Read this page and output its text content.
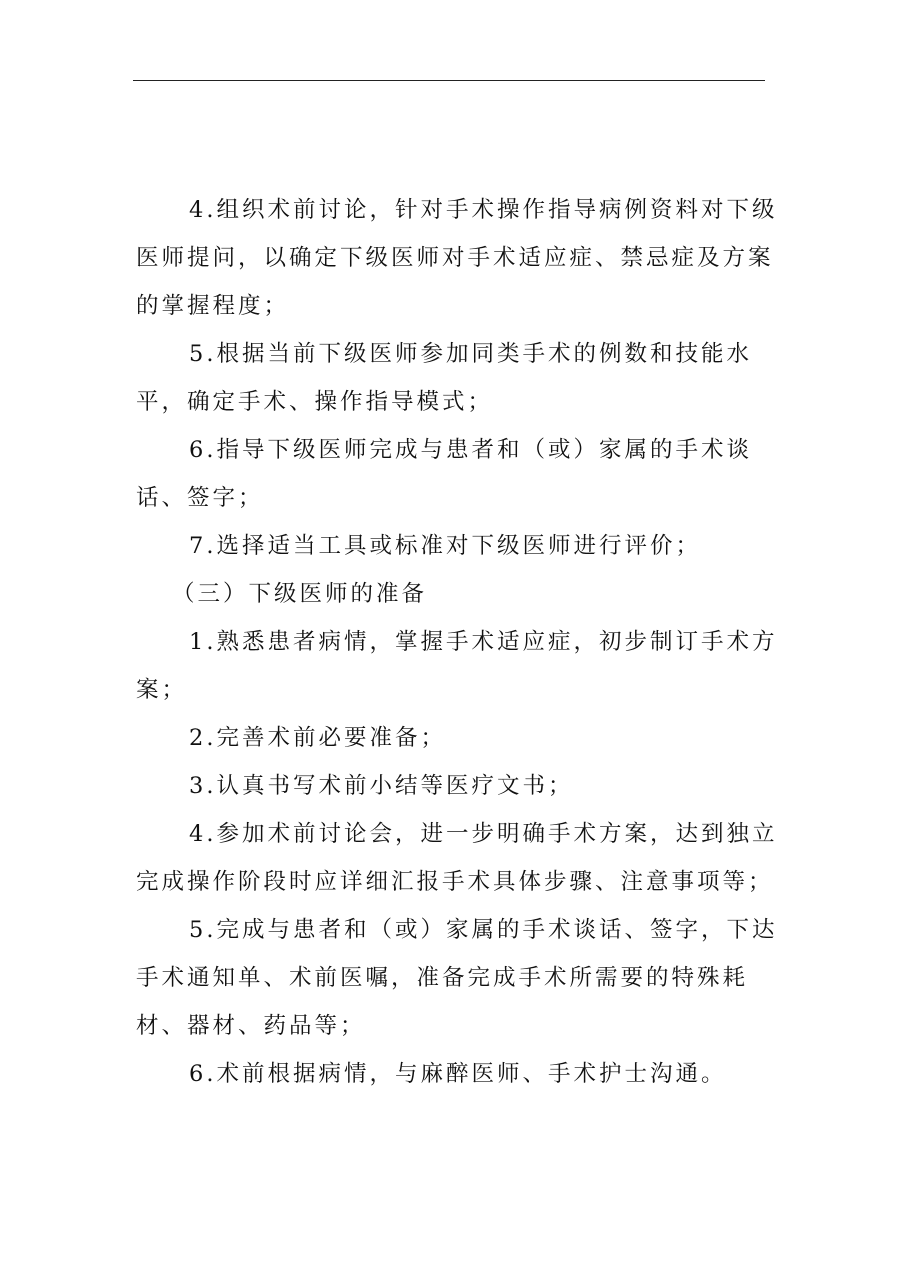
4.组织术前讨论，针对手术操作指导病例资料对下级
医师提问，以确定下级医师对手术适应症、禁忌症及方案
的掌握程度；

5.根据当前下级医师参加同类手术的例数和技能水
平，确定手术、操作指导模式；

6.指导下级医师完成与患者和（或）家属的手术谈
话、签字；

7.选择适当工具或标准对下级医师进行评价；

（三）下级医师的准备

1.熟悉患者病情，掌握手术适应症，初步制订手术方
案；

2.完善术前必要准备；

3.认真书写术前小结等医疗文书；

4.参加术前讨论会，进一步明确手术方案，达到独立
完成操作阶段时应详细汇报手术具体步骤、注意事项等；

5.完成与患者和（或）家属的手术谈话、签字，下达
手术通知单、术前医嘱，准备完成手术所需要的特殊耗
材、器材、药品等；

6.术前根据病情，与麻醉医师、手术护士沟通。
